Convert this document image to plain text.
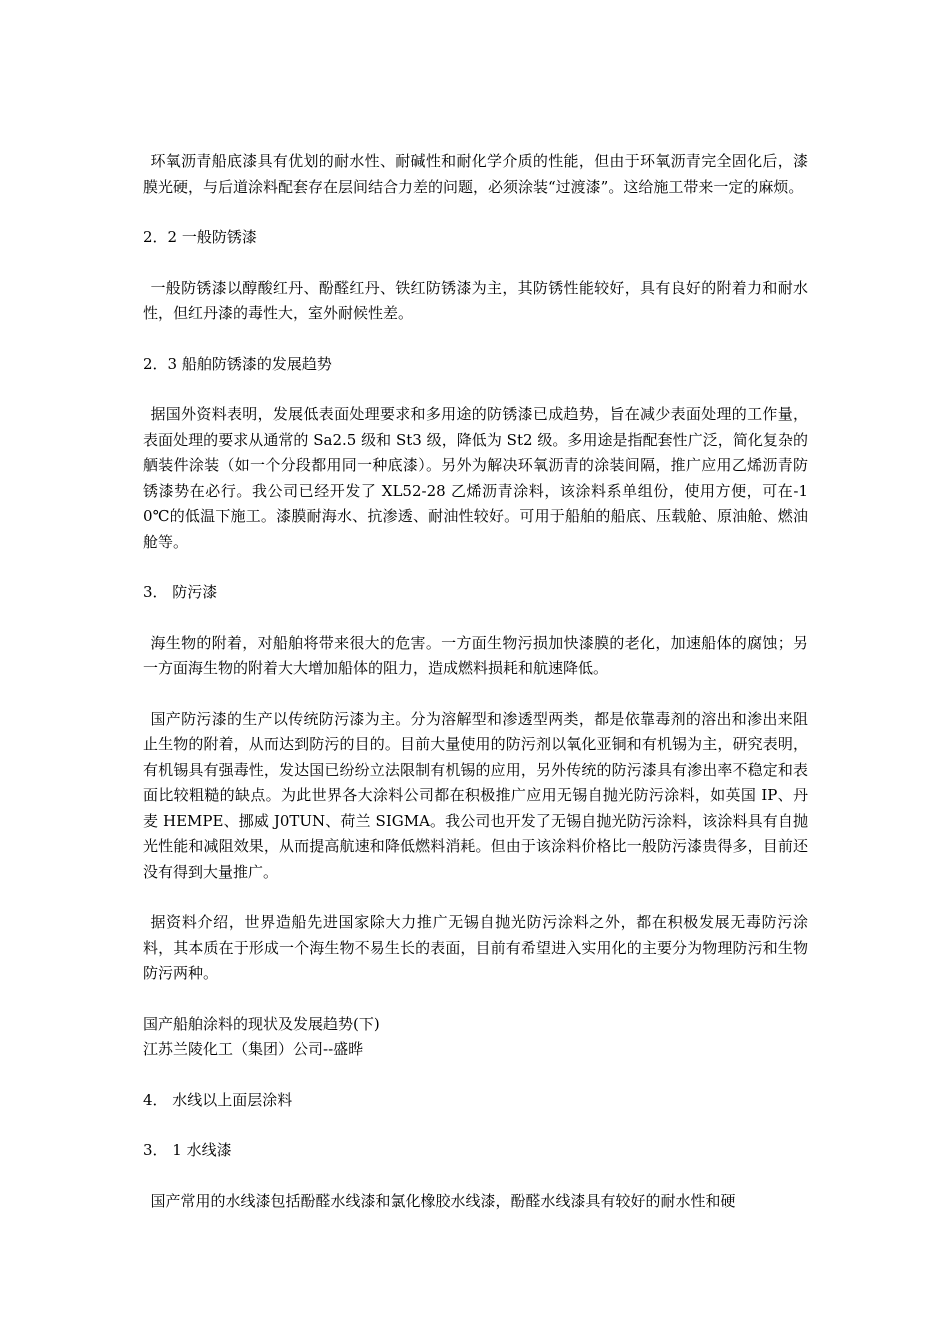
环氧沥青船底漆具有优划的耐水性、耐碱性和耐化学介质的性能，但由于环氧沥青完全固化后，漆膜光硬，与后道涂料配套存在层间结合力差的问题，必须涂装“过渡漆”。这给施工带来一定的麻烦。

2．2 一般防锈漆

一般防锈漆以醇酸红丹、酚醛红丹、铁红防锈漆为主，其防锈性能较好，具有良好的附着力和耐水性，但红丹漆的毒性大，室外耐候性差。

2．3 船舶防锈漆的发展趋势

据国外资料表明，发展低表面处理要求和多用途的防锈漆已成趋势，旨在减少表面处理的工作量，表面处理的要求从通常的 Sa2.5 级和 St3 级，降低为 St2 级。多用途是指配套性广泛，简化复杂的舾装件涂装（如一个分段都用同一种底漆）。另外为解决环氧沥青的涂装间隔，推广应用乙烯沥青防锈漆势在必行。我公司已经开发了 XL52-28 乙烯沥青涂料，该涂料系单组份，使用方便，可在-10℃的低温下施工。漆膜耐海水、抗渗透、耐油性较好。可用于船舶的船底、压载舱、原油舱、燃油舱等。

3． 防污漆

海生物的附着，对船舶将带来很大的危害。一方面生物污损加快漆膜的老化，加速船体的腐蚀；另一方面海生物的附着大大增加船体的阻力，造成燃料损耗和航速降低。

国产防污漆的生产以传统防污漆为主。分为溶解型和渗透型两类，都是依靠毒剂的溶出和渗出来阻止生物的附着，从而达到防污的目的。目前大量使用的防污剂以氧化亚铜和有机锡为主，研究表明，有机锡具有强毒性，发达国已纷纷立法限制有机锡的应用，另外传统的防污漆具有渗出率不稳定和表面比较粗糙的缺点。为此世界各大涂料公司都在积极推广应用无锡自抛光防污涂料，如英国 IP、丹麦 HEMPE、挪威 J0TUN、荷兰 SIGMA。我公司也开发了无锡自抛光防污涂料，该涂料具有自抛光性能和减阻效果，从而提高航速和降低燃料消耗。但由于该涂料价格比一般防污漆贵得多，目前还没有得到大量推广。

据资料介绍，世界造船先进国家除大力推广无锡自抛光防污涂料之外，都在积极发展无毒防污涂料，其本质在于形成一个海生物不易生长的表面，目前有希望进入实用化的主要分为物理防污和生物防污两种。

国产船舶涂料的现状及发展趋势(下)

江苏兰陵化工（集团）公司--盛晔

4． 水线以上面层涂料

3． 1 水线漆

国产常用的水线漆包括酚醛水线漆和氯化橡胶水线漆，酚醛水线漆具有较好的耐水性和硬
